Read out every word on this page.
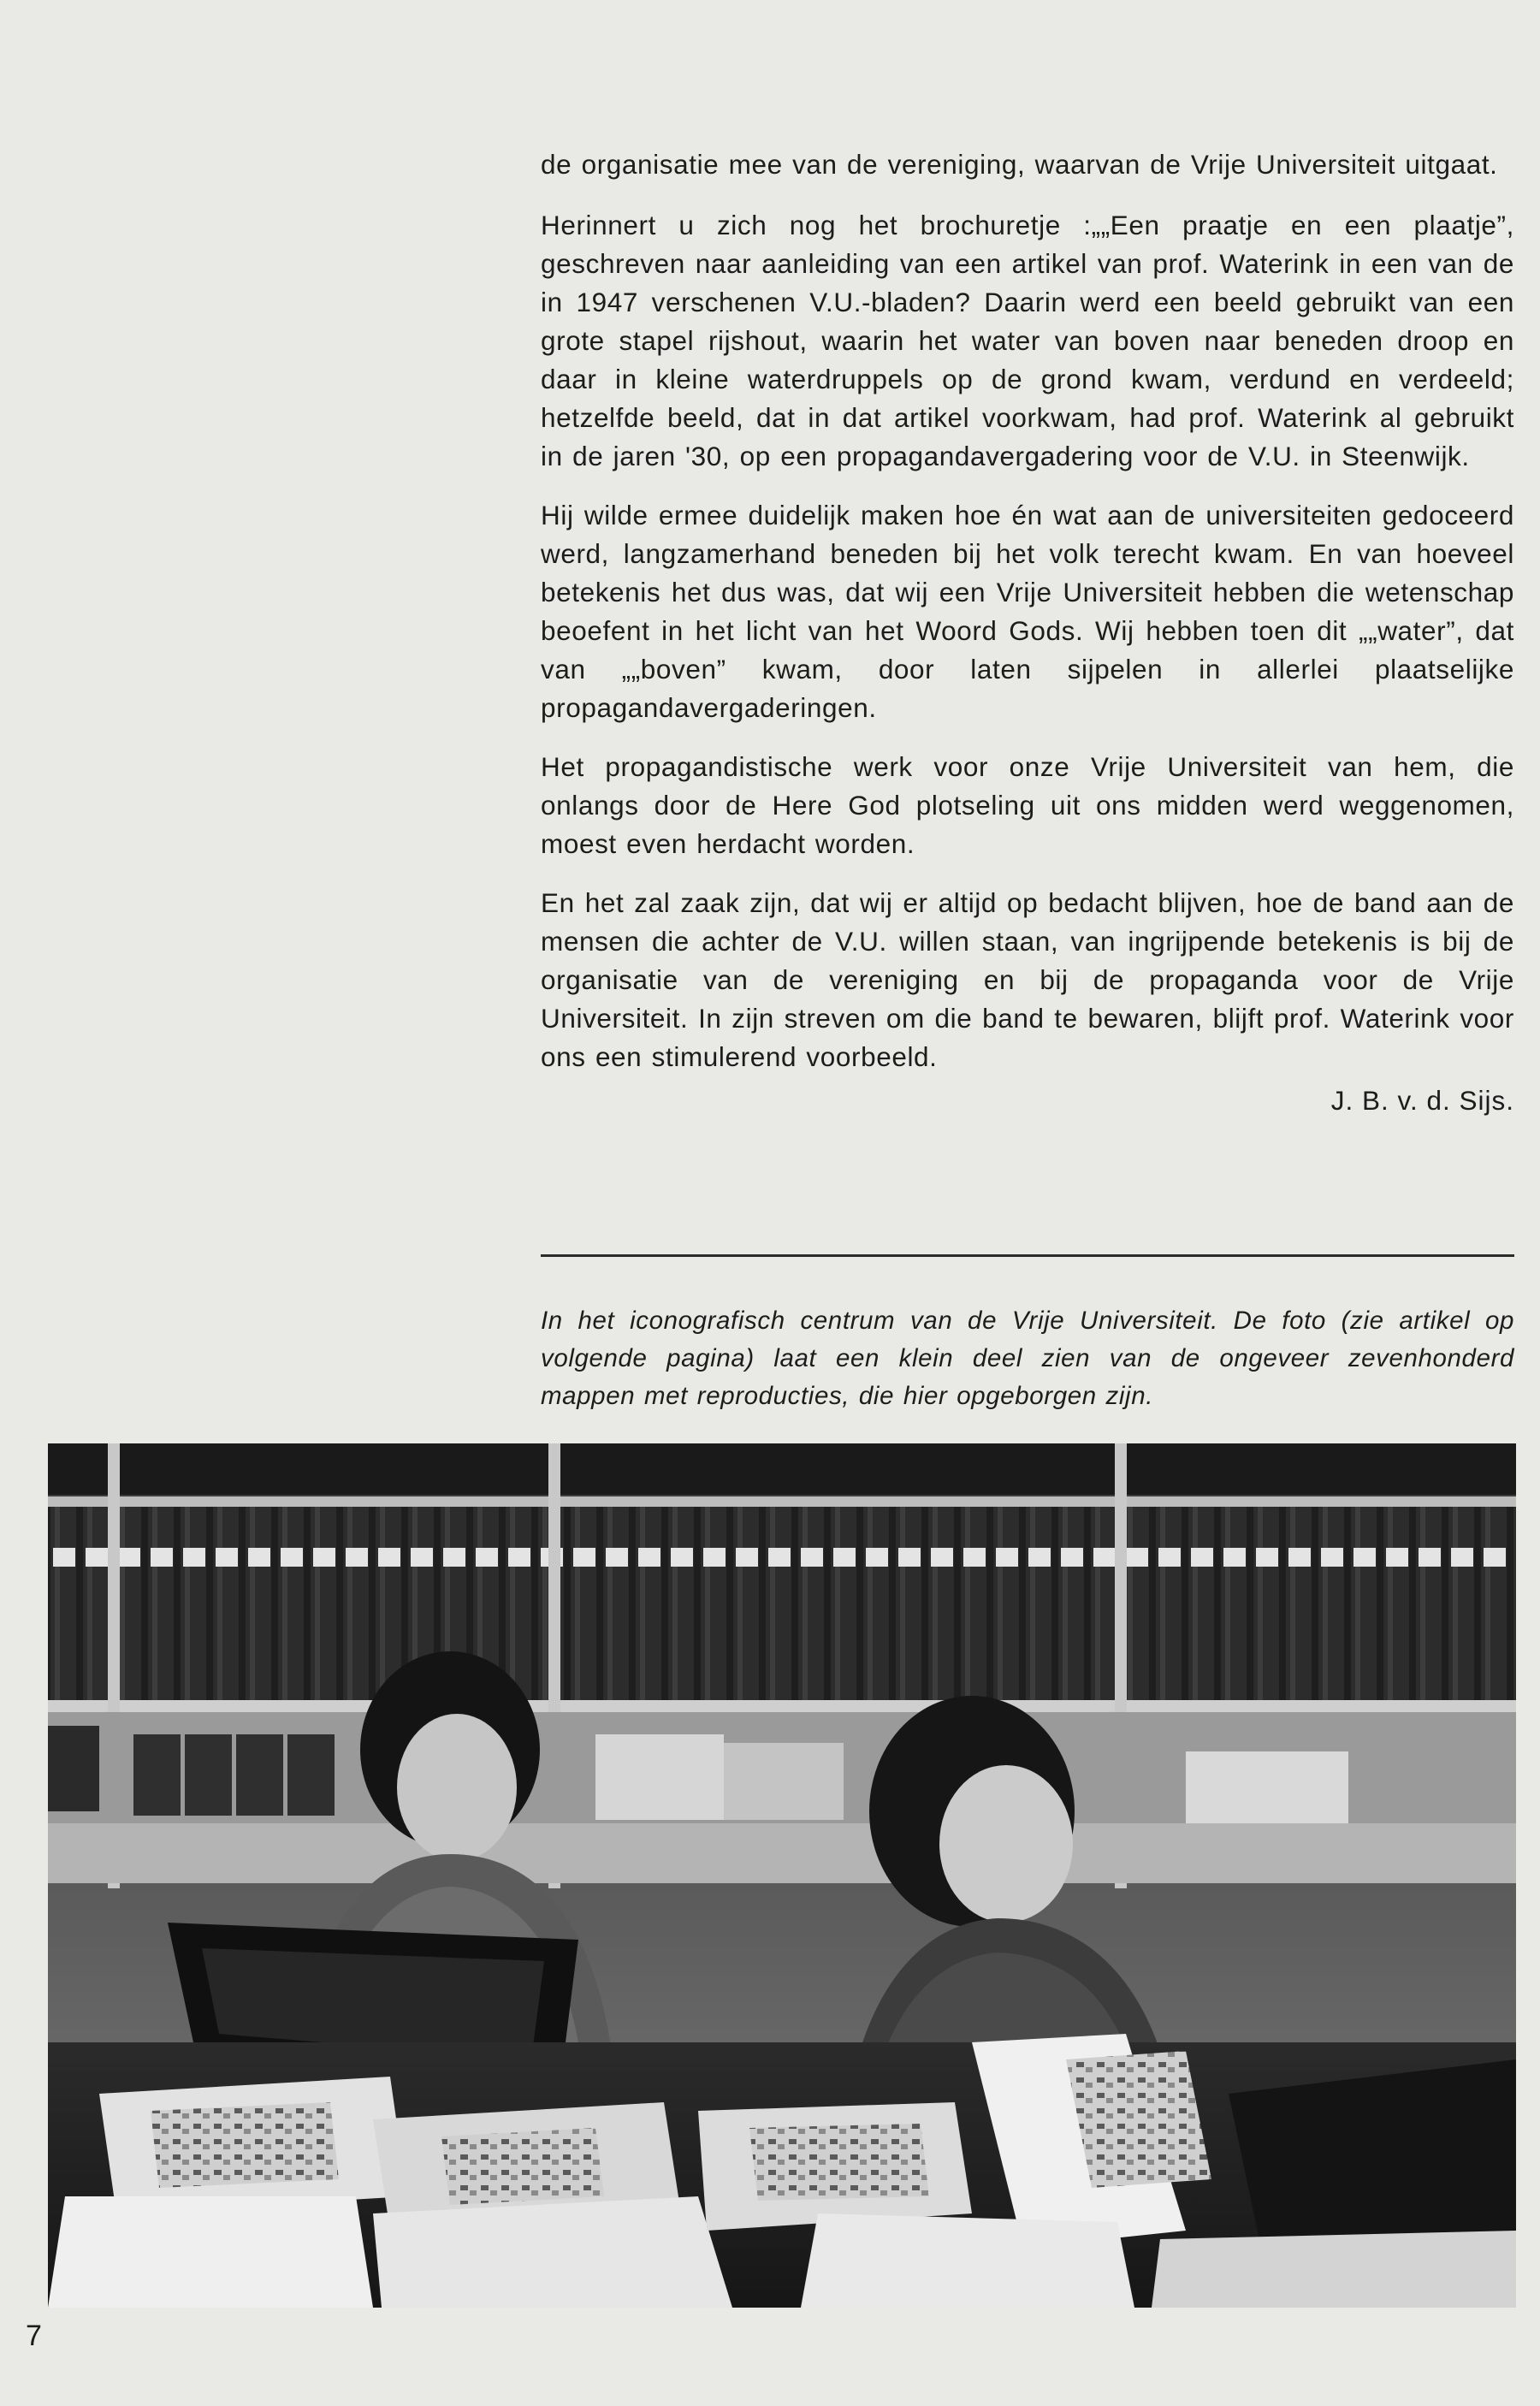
de organisatie mee van de vereniging, waarvan de Vrije Universiteit uitgaat.

Herinnert u zich nog het brochuretje :„„Een praatje en een plaatje”, geschreven naar aanleiding van een artikel van prof. Waterink in een van de in 1947 verschenen V.U.-bladen? Daarin werd een beeld gebruikt van een grote stapel rijshout, waarin het water van boven naar beneden droop en daar in kleine waterdruppels op de grond kwam, verdund en verdeeld; hetzelfde beeld, dat in dat artikel voorkwam, had prof. Waterink al gebruikt in de jaren '30, op een propagandavergadering voor de V.U. in Steenwijk.

Hij wilde ermee duidelijk maken hoe én wat aan de universiteiten gedoceerd werd, langzamerhand beneden bij het volk terecht kwam. En van hoeveel betekenis het dus was, dat wij een Vrije Universiteit hebben die wetenschap beoefent in het licht van het Woord Gods. Wij hebben toen dit „„water”, dat van „„boven” kwam, door laten sijpelen in allerlei plaatselijke propagandavergaderingen.

Het propagandistische werk voor onze Vrije Universiteit van hem, die onlangs door de Here God plotseling uit ons midden werd weggenomen, moest even herdacht worden.

En het zal zaak zijn, dat wij er altijd op bedacht blijven, hoe de band aan de mensen die achter de V.U. willen staan, van ingrijpende betekenis is bij de organisatie van de vereniging en bij de propaganda voor de Vrije Universiteit. In zijn streven om die band te bewaren, blijft prof. Waterink voor ons een stimulerend voorbeeld.

J. B. v. d. Sijs.

In het iconografisch centrum van de Vrije Universiteit. De foto (zie artikel op volgende pagina) laat een klein deel zien van de ongeveer zevenhonderd mappen met reproducties, die hier opgeborgen zijn.

7
